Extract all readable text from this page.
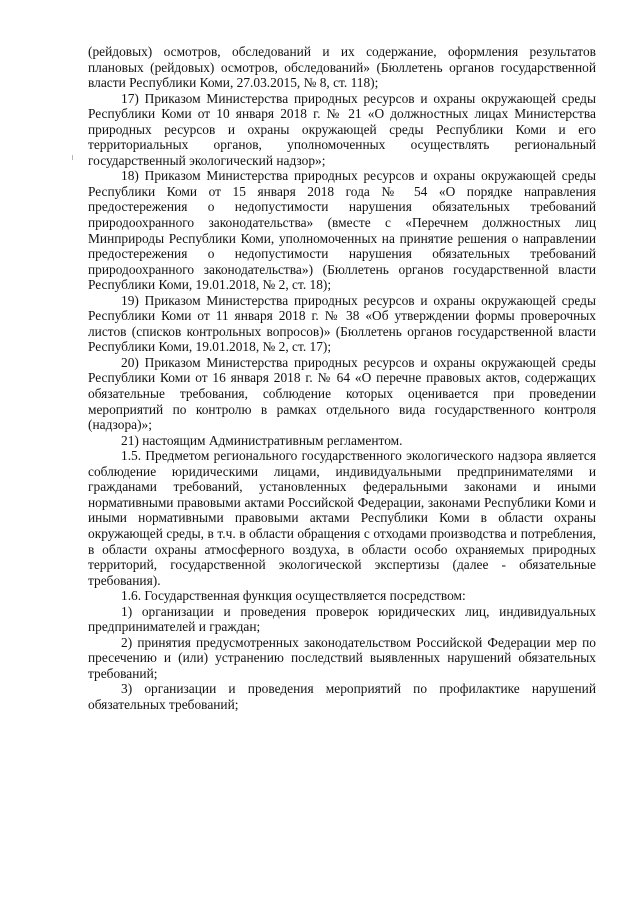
(рейдовых) осмотров, обследований и их содержание, оформления результатов плановых (рейдовых) осмотров, обследований» (Бюллетень органов государственной власти Республики Коми, 27.03.2015, № 8, ст. 118);

17) Приказом Министерства природных ресурсов и охраны окружающей среды Республики Коми от 10 января 2018 г. № 21 «О должностных лицах Министерства природных ресурсов и охраны окружающей среды Республики Коми и его территориальных органов, уполномоченных осуществлять региональный государственный экологический надзор»;

18) Приказом Министерства природных ресурсов и охраны окружающей среды Республики Коми от 15 января 2018 года № 54 «О порядке направления предостережения о недопустимости нарушения обязательных требований природоохранного законодательства» (вместе с «Перечнем должностных лиц Минприроды Республики Коми, уполномоченных на принятие решения о направлении предостережения о недопустимости нарушения обязательных требований природоохранного законодательства») (Бюллетень органов государственной власти Республики Коми, 19.01.2018, № 2, ст. 18);

19) Приказом Министерства природных ресурсов и охраны окружающей среды Республики Коми от 11 января 2018 г. № 38 «Об утверждении формы проверочных листов (списков контрольных вопросов)» (Бюллетень органов государственной власти Республики Коми, 19.01.2018, № 2, ст. 17);

20) Приказом Министерства природных ресурсов и охраны окружающей среды Республики Коми от 16 января 2018 г. № 64 «О перечне правовых актов, содержащих обязательные требования, соблюдение которых оценивается при проведении мероприятий по контролю в рамках отдельного вида государственного контроля (надзора)»;

21) настоящим Административным регламентом.

1.5. Предметом регионального государственного экологического надзора является соблюдение юридическими лицами, индивидуальными предпринимателями и гражданами требований, установленных федеральными законами и иными нормативными правовыми актами Российской Федерации, законами Республики Коми и иными нормативными правовыми актами Республики Коми в области охраны окружающей среды, в т.ч. в области обращения с отходами производства и потребления, в области охраны атмосферного воздуха, в области особо охраняемых природных территорий, государственной экологической экспертизы (далее - обязательные требования).

1.6. Государственная функция осуществляется посредством:

1) организации и проведения проверок юридических лиц, индивидуальных предпринимателей и граждан;

2) принятия предусмотренных законодательством Российской Федерации мер по пресечению и (или) устранению последствий выявленных нарушений обязательных требований;

3) организации и проведения мероприятий по профилактике нарушений обязательных требований;
